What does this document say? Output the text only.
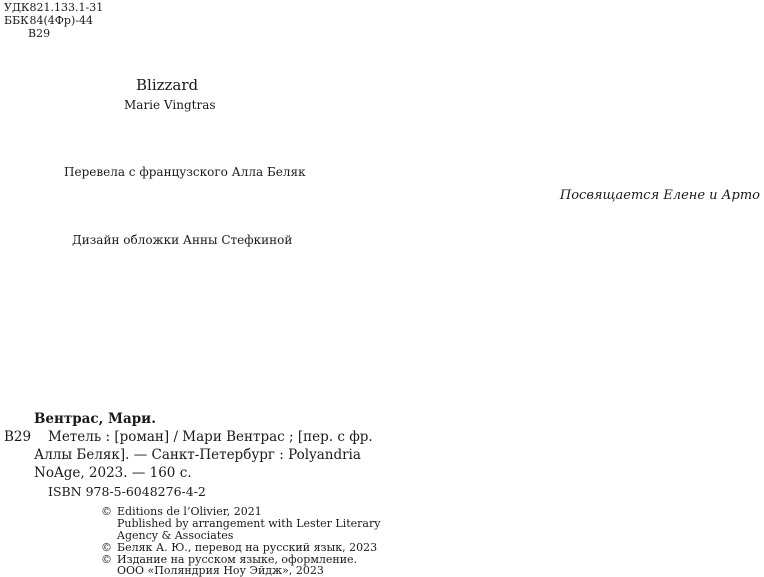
УДК 821.133.1-31
ББК 84(4Фр)-44
В29
Blizzard
Marie Vingtras
Перевела с французского Алла Беляк
Дизайн обложки Анны Стефкиной
Посвящается Елене и Арто
Вентрас, Мари.
В29 Метель : [роман] / Мари Вентрас ; [пер. с фр.
Аллы Беляк]. — Санкт-Петербург : Polyandria
NoAge, 2023. — 160 с.
ISBN 978-5-6048276-4-2
© Editions de l’Olivier, 2021
Published by arrangement with Lester Literary
Agency & Associates
© Беляк А. Ю., перевод на русский язык, 2023
© Издание на русском языке, оформление.
ООО «Поляндрия Ноу Эйдж», 2023
